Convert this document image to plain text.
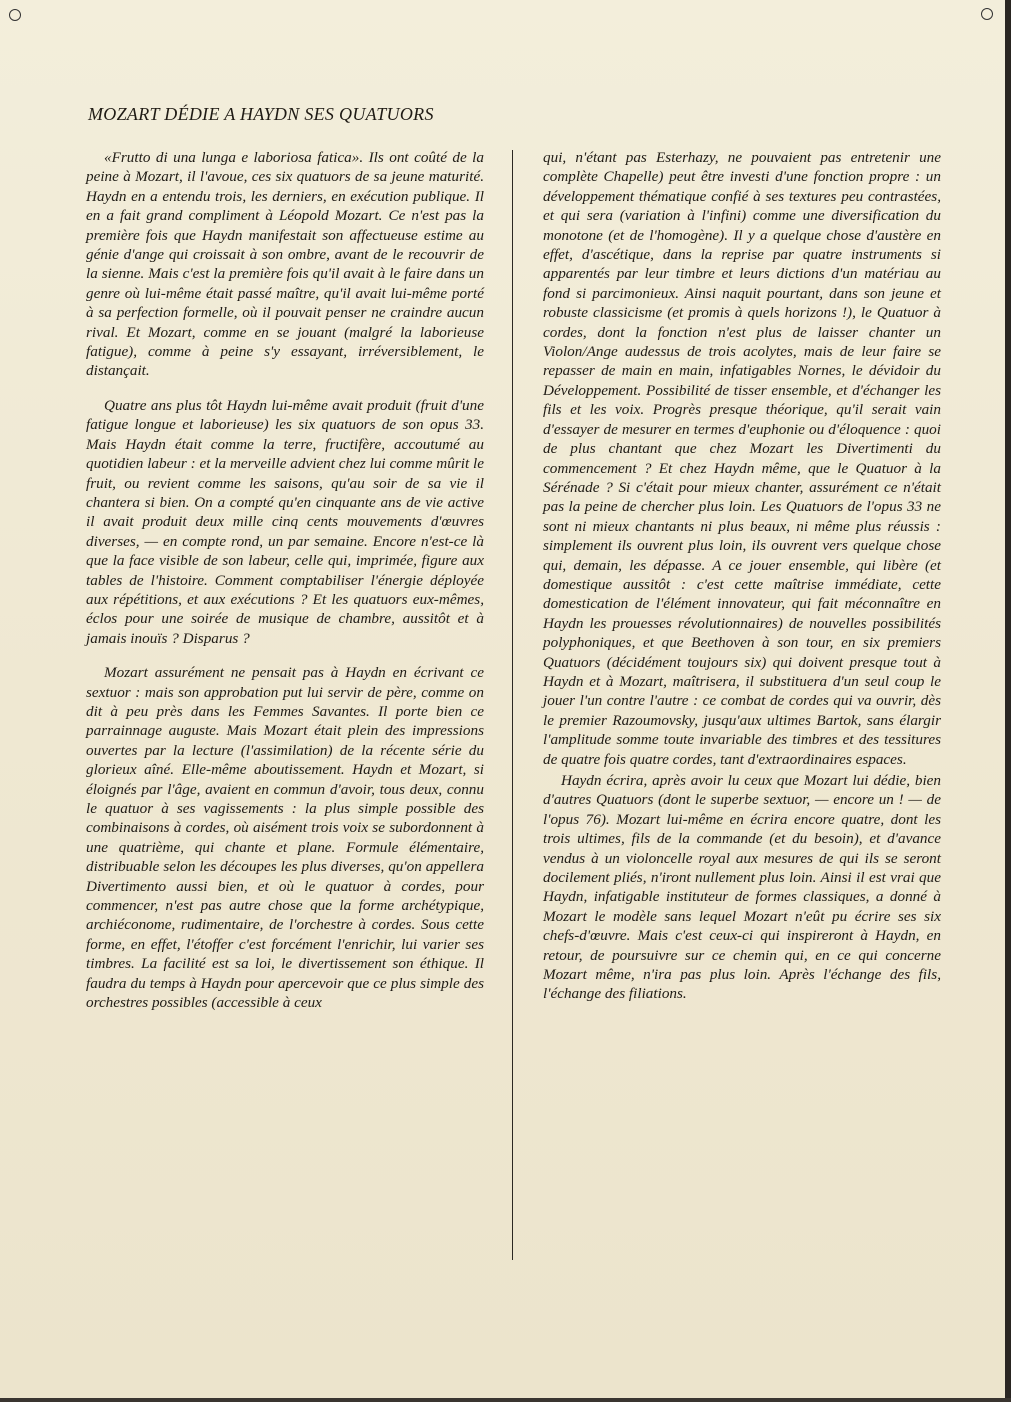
MOZART DÉDIE A HAYDN SES QUATUORS

«Frutto di una lunga e laboriosa fatica». Ils ont coûté de la peine à Mozart, il l'avoue, ces six quatuors de sa jeune maturité. Haydn en a entendu trois, les derniers, en exécution publique. Il en a fait grand compliment à Léopold Mozart. Ce n'est pas la première fois que Haydn manifestait son affectueuse estime au génie d'ange qui croissait à son ombre, avant de le recouvrir de la sienne. Mais c'est la première fois qu'il avait à le faire dans un genre où lui-même était passé maître, qu'il avait lui-même porté à sa perfection formelle, où il pouvait penser ne craindre aucun rival. Et Mozart, comme en se jouant (malgré la laborieuse fatigue), comme à peine s'y essayant, irréversiblement, le distançait.

Quatre ans plus tôt Haydn lui-même avait produit (fruit d'une fatigue longue et laborieuse) les six quatuors de son opus 33. Mais Haydn était comme la terre, fructifère, accoutumé au quotidien labeur : et la merveille advient chez lui comme mûrit le fruit, ou revient comme les saisons, qu'au soir de sa vie il chantera si bien. On a compté qu'en cinquante ans de vie active il avait produit deux mille cinq cents mouvements d'œuvres diverses, — en compte rond, un par semaine. Encore n'est-ce là que la face visible de son labeur, celle qui, imprimée, figure aux tables de l'histoire. Comment comptabiliser l'énergie déployée aux répétitions, et aux exécutions ? Et les quatuors eux-mêmes, éclos pour une soirée de musique de chambre, aussitôt et à jamais inouïs ? Disparus ?

Mozart assurément ne pensait pas à Haydn en écrivant ce sextuor : mais son approbation put lui servir de père, comme on dit à peu près dans les Femmes Savantes. Il porte bien ce parrainnage auguste. Mais Mozart était plein des impressions ouvertes par la lecture (l'assimilation) de la récente série du glorieux aîné. Elle-même aboutissement. Haydn et Mozart, si éloignés par l'âge, avaient en commun d'avoir, tous deux, connu le quatuor à ses vagissements : la plus simple possible des combinaisons à cordes, où aisément trois voix se subordonnent à une quatrième, qui chante et plane. Formule élémentaire, distribuable selon les découpes les plus diverses, qu'on appellera Divertimento aussi bien, et où le quatuor à cordes, pour commencer, n'est pas autre chose que la forme archétypique, archiéconome, rudimentaire, de l'orchestre à cordes. Sous cette forme, en effet, l'étoffer c'est forcément l'enrichir, lui varier ses timbres. La facilité est sa loi, le divertissement son éthique. Il faudra du temps à Haydn pour apercevoir que ce plus simple des orchestres possibles (accessible à ceux

qui, n'étant pas Esterhazy, ne pouvaient pas entretenir une complète Chapelle) peut être investi d'une fonction propre : un développement thématique confié à ses textures peu contrastées, et qui sera (variation à l'infini) comme une diversification du monotone (et de l'homogène). Il y a quelque chose d'austère en effet, d'ascétique, dans la reprise par quatre instruments si apparentés par leur timbre et leurs dictions d'un matériau au fond si parcimonieux. Ainsi naquit pourtant, dans son jeune et robuste classicisme (et promis à quels horizons !), le Quatuor à cordes, dont la fonction n'est plus de laisser chanter un Violon/Ange audessus de trois acolytes, mais de leur faire se repasser de main en main, infatigables Nornes, le dévidoir du Développement. Possibilité de tisser ensemble, et d'échanger les fils et les voix. Progrès presque théorique, qu'il serait vain d'essayer de mesurer en termes d'euphonie ou d'éloquence : quoi de plus chantant que chez Mozart les Divertimenti du commencement ? Et chez Haydn même, que le Quatuor à la Sérénade ? Si c'était pour mieux chanter, assurément ce n'était pas la peine de chercher plus loin. Les Quatuors de l'opus 33 ne sont ni mieux chantants ni plus beaux, ni même plus réussis : simplement ils ouvrent plus loin, ils ouvrent vers quelque chose qui, demain, les dépasse. A ce jouer ensemble, qui libère (et domestique aussitôt : c'est cette maîtrise immédiate, cette domestication de l'élément innovateur, qui fait méconnaître en Haydn les prouesses révolutionnaires) de nouvelles possibilités polyphoniques, et que Beethoven à son tour, en six premiers Quatuors (décidément toujours six) qui doivent presque tout à Haydn et à Mozart, maîtrisera, il substituera d'un seul coup le jouer l'un contre l'autre : ce combat de cordes qui va ouvrir, dès le premier Razoumovsky, jusqu'aux ultimes Bartok, sans élargir l'amplitude somme toute invariable des timbres et des tessitures de quatre fois quatre cordes, tant d'extraordinaires espaces.

Haydn écrira, après avoir lu ceux que Mozart lui dédie, bien d'autres Quatuors (dont le superbe sextuor, — encore un ! — de l'opus 76). Mozart lui-même en écrira encore quatre, dont les trois ultimes, fils de la commande (et du besoin), et d'avance vendus à un violoncelle royal aux mesures de qui ils se seront docilement pliés, n'iront nullement plus loin. Ainsi il est vrai que Haydn, infatigable instituteur de formes classiques, a donné à Mozart le modèle sans lequel Mozart n'eût pu écrire ses six chefs-d'œuvre. Mais c'est ceux-ci qui inspireront à Haydn, en retour, de poursuivre sur ce chemin qui, en ce qui concerne Mozart même, n'ira pas plus loin. Après l'échange des fils, l'échange des filiations.
